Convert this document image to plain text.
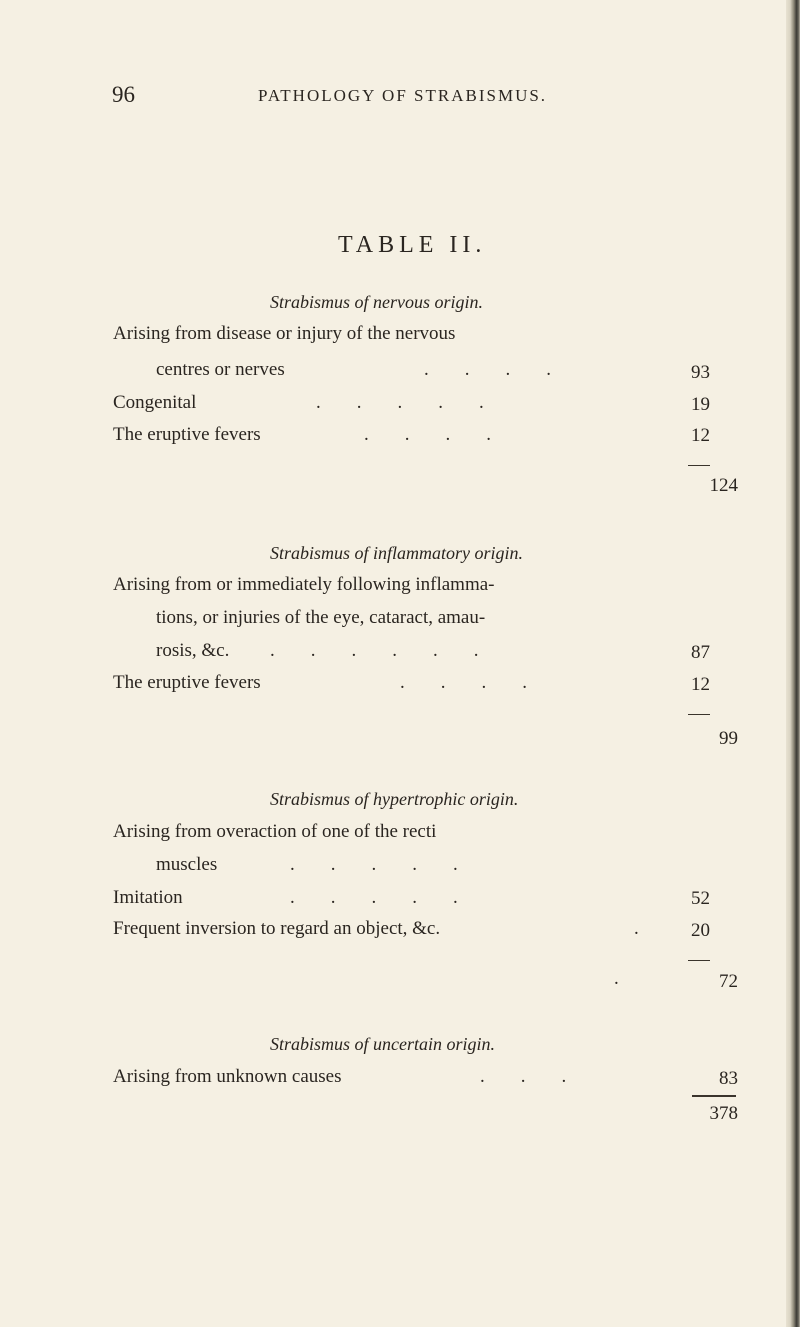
96	PATHOLOGY OF STRABISMUS.
TABLE II.
Strabismus of nervous origin.
Arising from disease or injury of the nervous
centres or nerves	....	93
Congenital	.....	19
The eruptive fevers	....	12
124
Strabismus of inflammatory origin.
Arising from or immediately following inflamma-
tions, or injuries of the eye, cataract, amau-
rosis, &c. ......	87
The eruptive fevers	....	12
99
Strabismus of hypertrophic origin.
Arising from overaction of one of the recti
muscles	.....
Imitation	.....	52
Frequent inversion to regard an object, &c.	. 20
.	72
Strabismus of uncertain origin.
Arising from unknown causes	...	83
378
